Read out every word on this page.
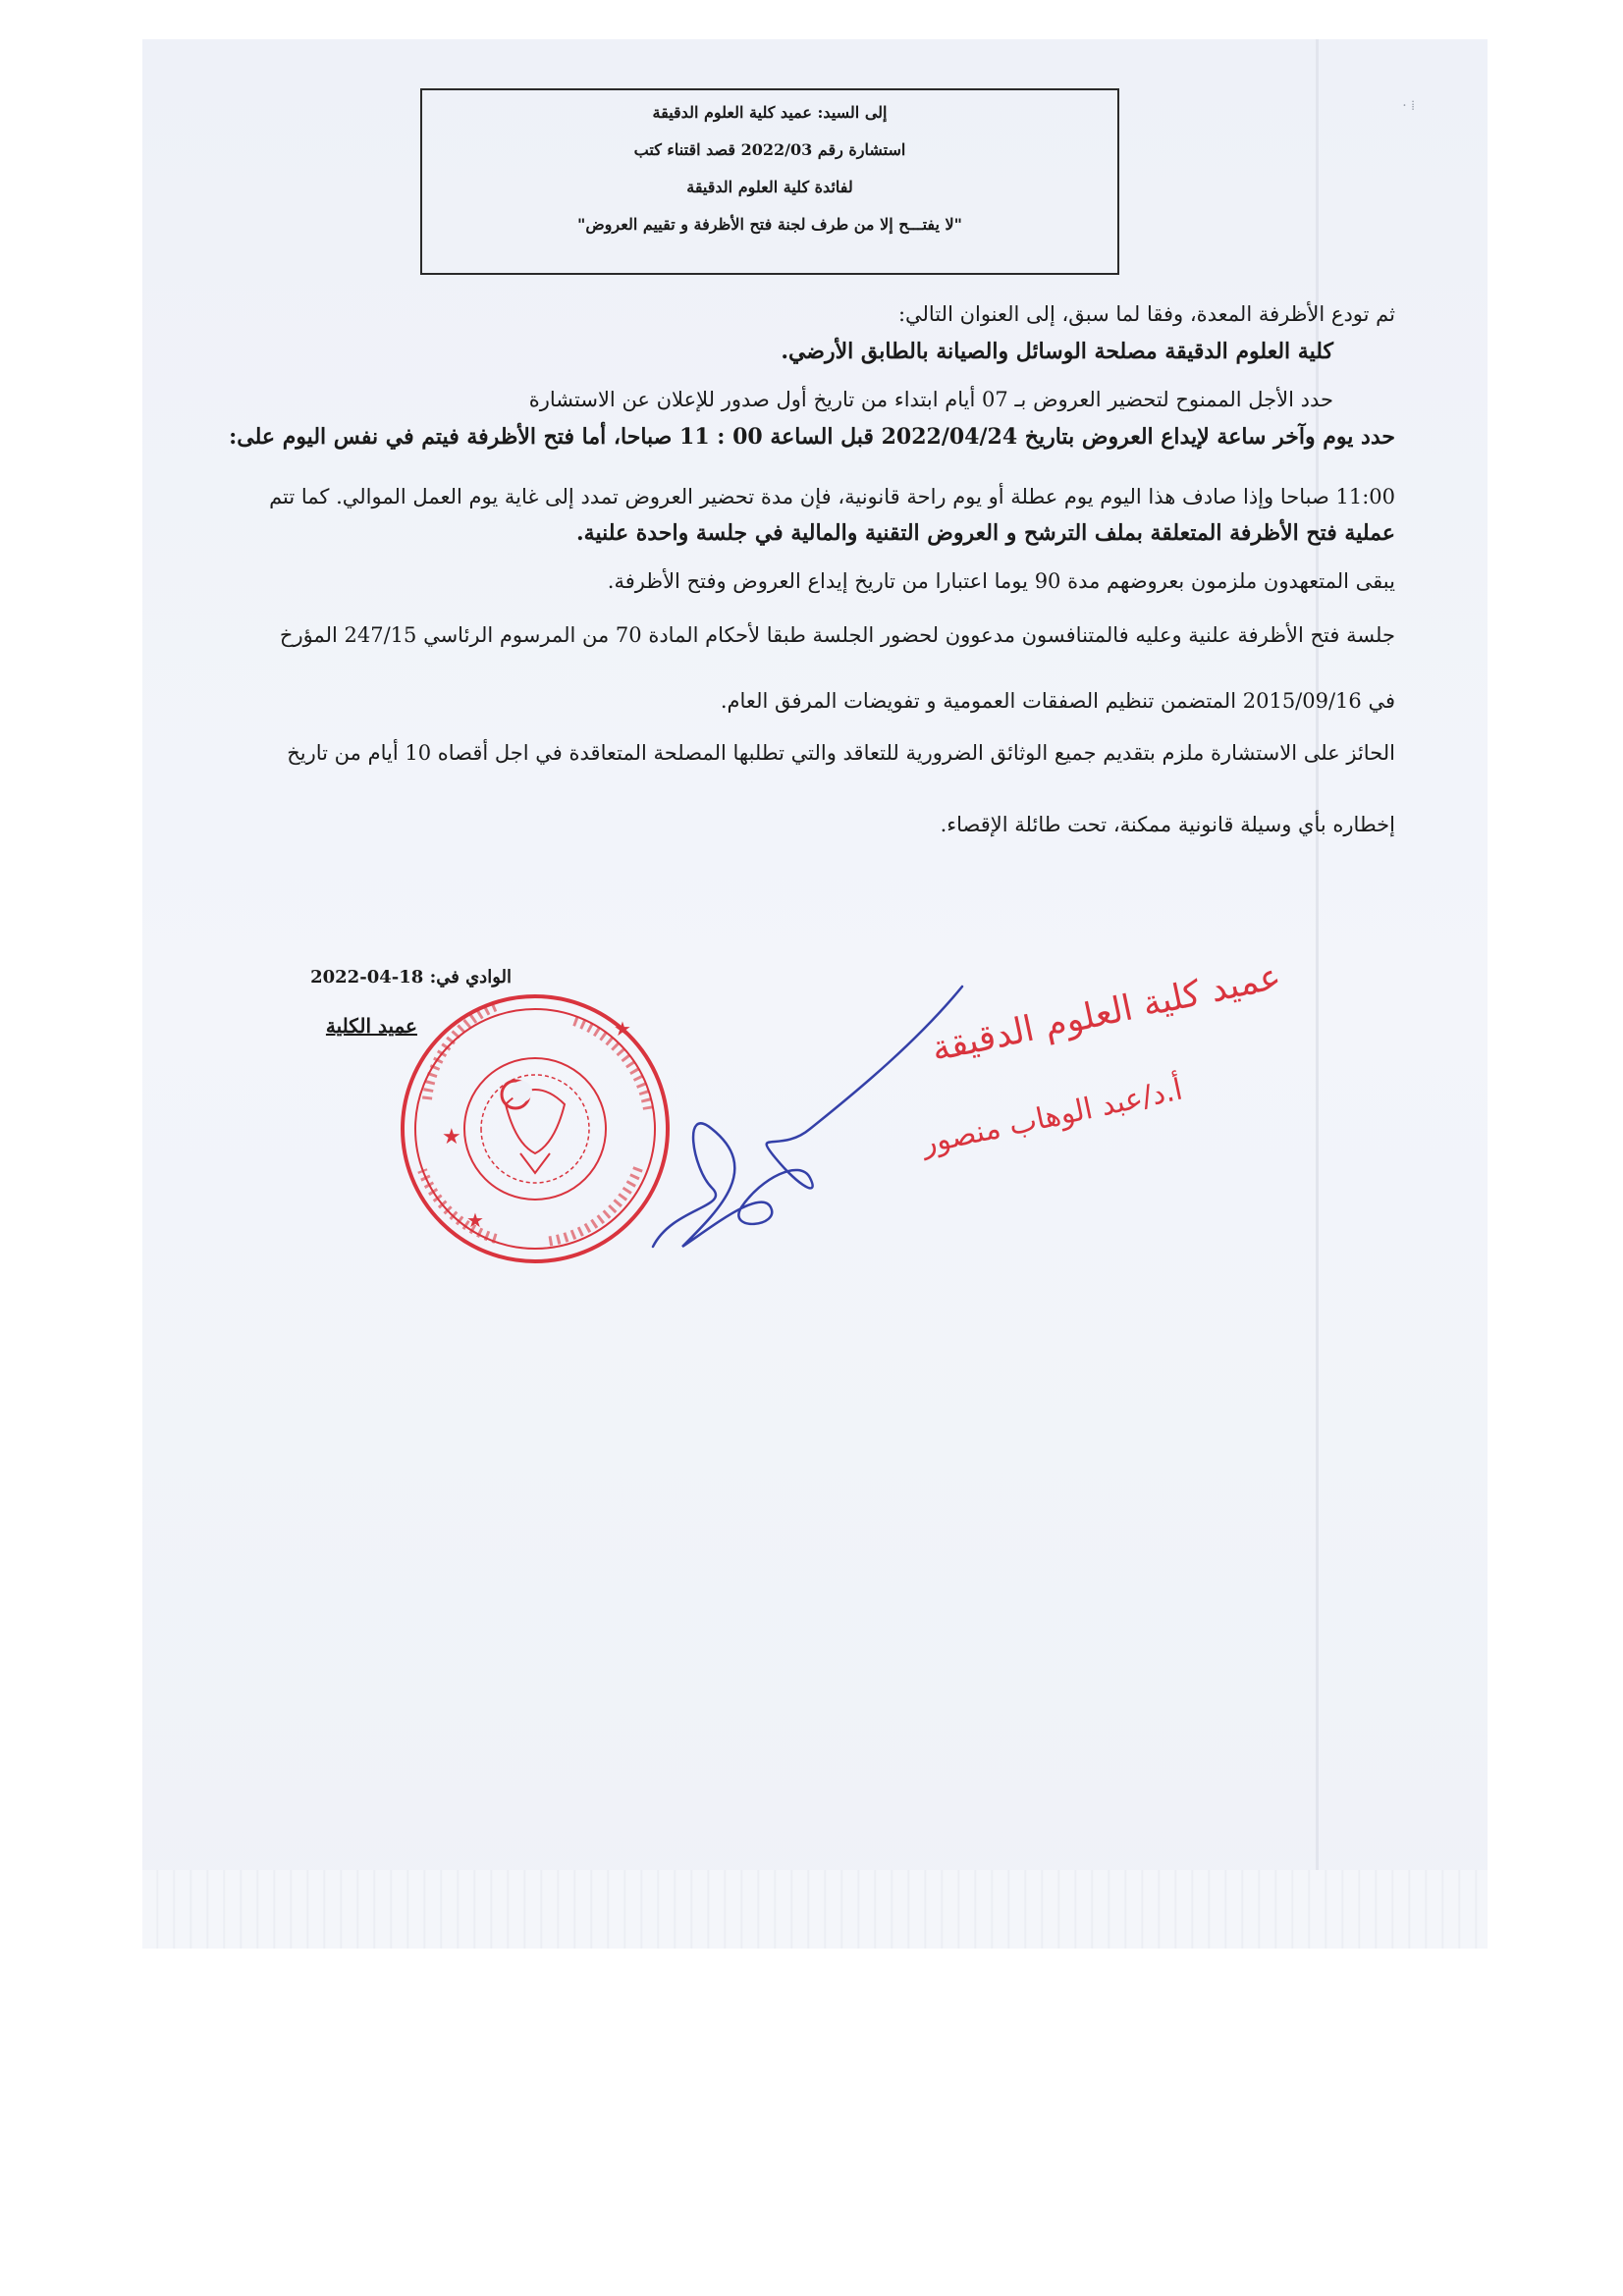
· ⁞
إلى السيد: عميد كلية العلوم الدقيقة
استشارة رقم 2022/03 قصد اقتناء كتب
لفائدة كلية العلوم الدقيقة
"لا يفتـــح إلا من طرف لجنة فتح الأظرفة و تقييم العروض"
ثم تودع الأظرفة المعدة، وفقا لما سبق، إلى العنوان التالي:
كلية العلوم الدقيقة مصلحة الوسائل والصيانة بالطابق الأرضي.
حدد الأجل الممنوح لتحضير العروض بـ 07 أيام ابتداء من تاريخ أول صدور للإعلان عن الاستشارة
حدد يوم وآخر ساعة لإيداع العروض بتاريخ 2022/04/24 قبل الساعة 00 : 11 صباحا، أما فتح الأظرفة فيتم في نفس اليوم على:
11:00 صباحا وإذا صادف هذا اليوم يوم عطلة أو يوم راحة قانونية، فإن مدة تحضير العروض تمدد إلى غاية يوم العمل الموالي. كما تتم
عملية فتح الأظرفة المتعلقة بملف الترشح و العروض التقنية والمالية في جلسة واحدة علنية.
يبقى المتعهدون ملزمون بعروضهم مدة 90 يوما اعتبارا من تاريخ إيداع العروض وفتح الأظرفة.
جلسة فتح الأظرفة علنية وعليه فالمتنافسون مدعوون لحضور الجلسة طبقا لأحكام المادة 70 من المرسوم الرئاسي 247/15 المؤرخ
في 2015/09/16 المتضمن تنظيم الصفقات العمومية و تفويضات المرفق العام.
الحائز على الاستشارة ملزم بتقديم جميع الوثائق الضرورية للتعاقد والتي تطلبها المصلحة المتعاقدة في اجل أقصاه 10 أيام من تاريخ
إخطاره بأي وسيلة قانونية ممكنة، تحت طائلة الإقصاء.
الوادي في: 18-04-2022
عميد الكلية
★
★
★
عميد كلية العلوم الدقيقة
أ.د/عبد الوهاب منصور
